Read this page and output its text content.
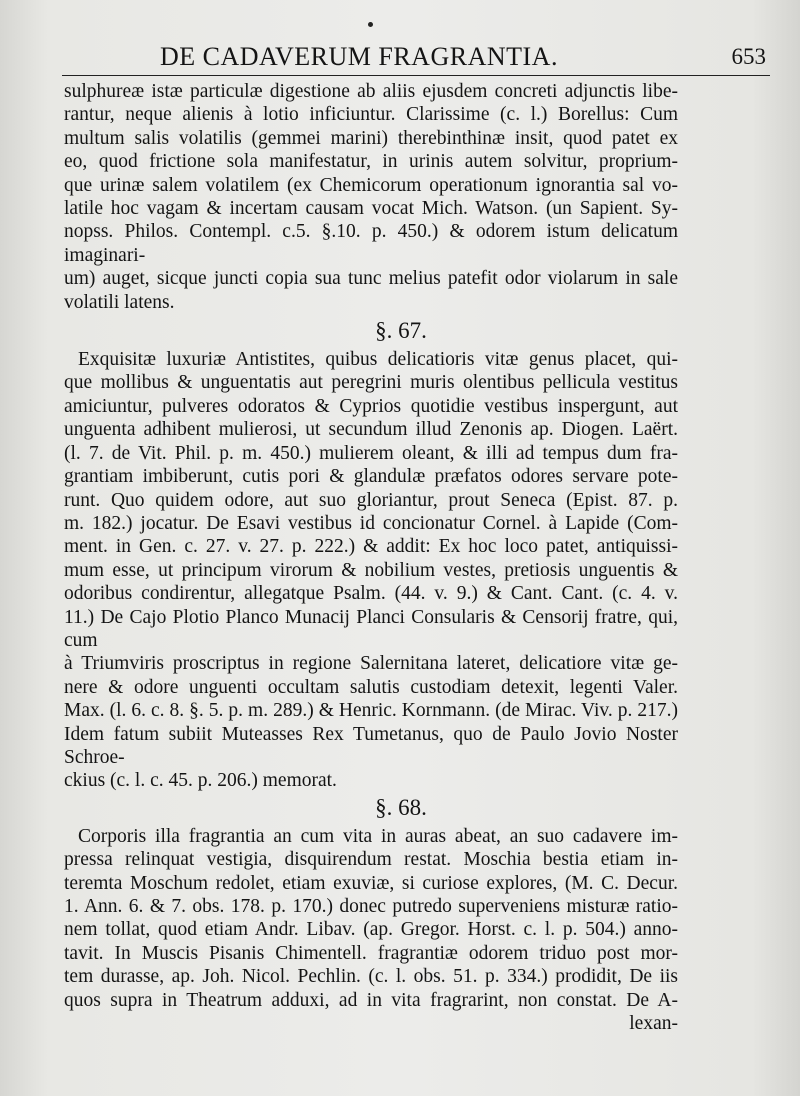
DE CADAVERUM FRAGRANTIA.	653

sulphureæ istæ particulæ digestione ab aliis ejusdem concreti adjunctis libe-

rantur, neque alienis à lotio inficiuntur. Clarissime (c. l.) Borellus: Cum

multum salis volatilis (gemmei marini) therebinthinæ insit, quod patet ex

eo, quod frictione sola manifestatur, in urinis autem solvitur, proprium-

que urinæ salem volatilem (ex Chemicorum operationum ignorantia sal vo-

latile hoc vagam & incertam causam vocat Mich. Watson. (un Sapient. Sy-

nopss. Philos. Contempl. c.5. §.10. p. 450.) & odorem istum delicatum imaginari-

um) auget, sicque juncti copia sua tunc melius patefit odor violarum in sale

volatili latens.

§. 67.

Exquisitæ luxuriæ Antistites, quibus delicatioris vitæ genus placet, qui-

que mollibus & unguentatis aut peregrini muris olentibus pellicula vestitus

amiciuntur, pulveres odoratos & Cyprios quotidie vestibus inspergunt, aut

unguenta adhibent mulierosi, ut secundum illud Zenonis ap. Diogen. Laërt.

(l. 7. de Vit. Phil. p. m. 450.) mulierem oleant, & illi ad tempus dum fra-

grantiam imbiberunt, cutis pori & glandulæ præfatos odores servare pote-

runt. Quo quidem odore, aut suo gloriantur, prout Seneca (Epist. 87. p.

m. 182.) jocatur. De Esavi vestibus id concionatur Cornel. à Lapide (Com-

ment. in Gen. c. 27. v. 27. p. 222.) & addit: Ex hoc loco patet, antiquissi-

mum esse, ut principum virorum & nobilium vestes, pretiosis unguentis &

odoribus condirentur, allegatque Psalm. (44. v. 9.) & Cant. Cant. (c. 4. v.

11.) De Cajo Plotio Planco Munacij Planci Consularis & Censorij fratre, qui, cum

à Triumviris proscriptus in regione Salernitana lateret, delicatiore vitæ ge-

nere & odore unguenti occultam salutis custodiam detexit, legenti Valer.

Max. (l. 6. c. 8. §. 5. p. m. 289.) & Henric. Kornmann. (de Mirac. Viv. p. 217.)

Idem fatum subiit Muteasses Rex Tumetanus, quo de Paulo Jovio Noster Schroe-

ckius (c. l. c. 45. p. 206.) memorat.

§. 68.

Corporis illa fragrantia an cum vita in auras abeat, an suo cadavere im-

pressa relinquat vestigia, disquirendum restat. Moschia bestia etiam in-

teremta Moschum redolet, etiam exuviæ, si curiose explores, (M. C. Decur.

1. Ann. 6. & 7. obs. 178. p. 170.) donec putredo superveniens misturæ ratio-

nem tollat, quod etiam Andr. Libav. (ap. Gregor. Horst. c. l. p. 504.) anno-

tavit. In Muscis Pisanis Chimentell. fragrantiæ odorem triduo post mor-

tem durasse, ap. Joh. Nicol. Pechlin. (c. l. obs. 51. p. 334.) prodidit, De iis

quos supra in Theatrum adduxi, ad in vita fragrarint, non constat. De A-

lexan-
